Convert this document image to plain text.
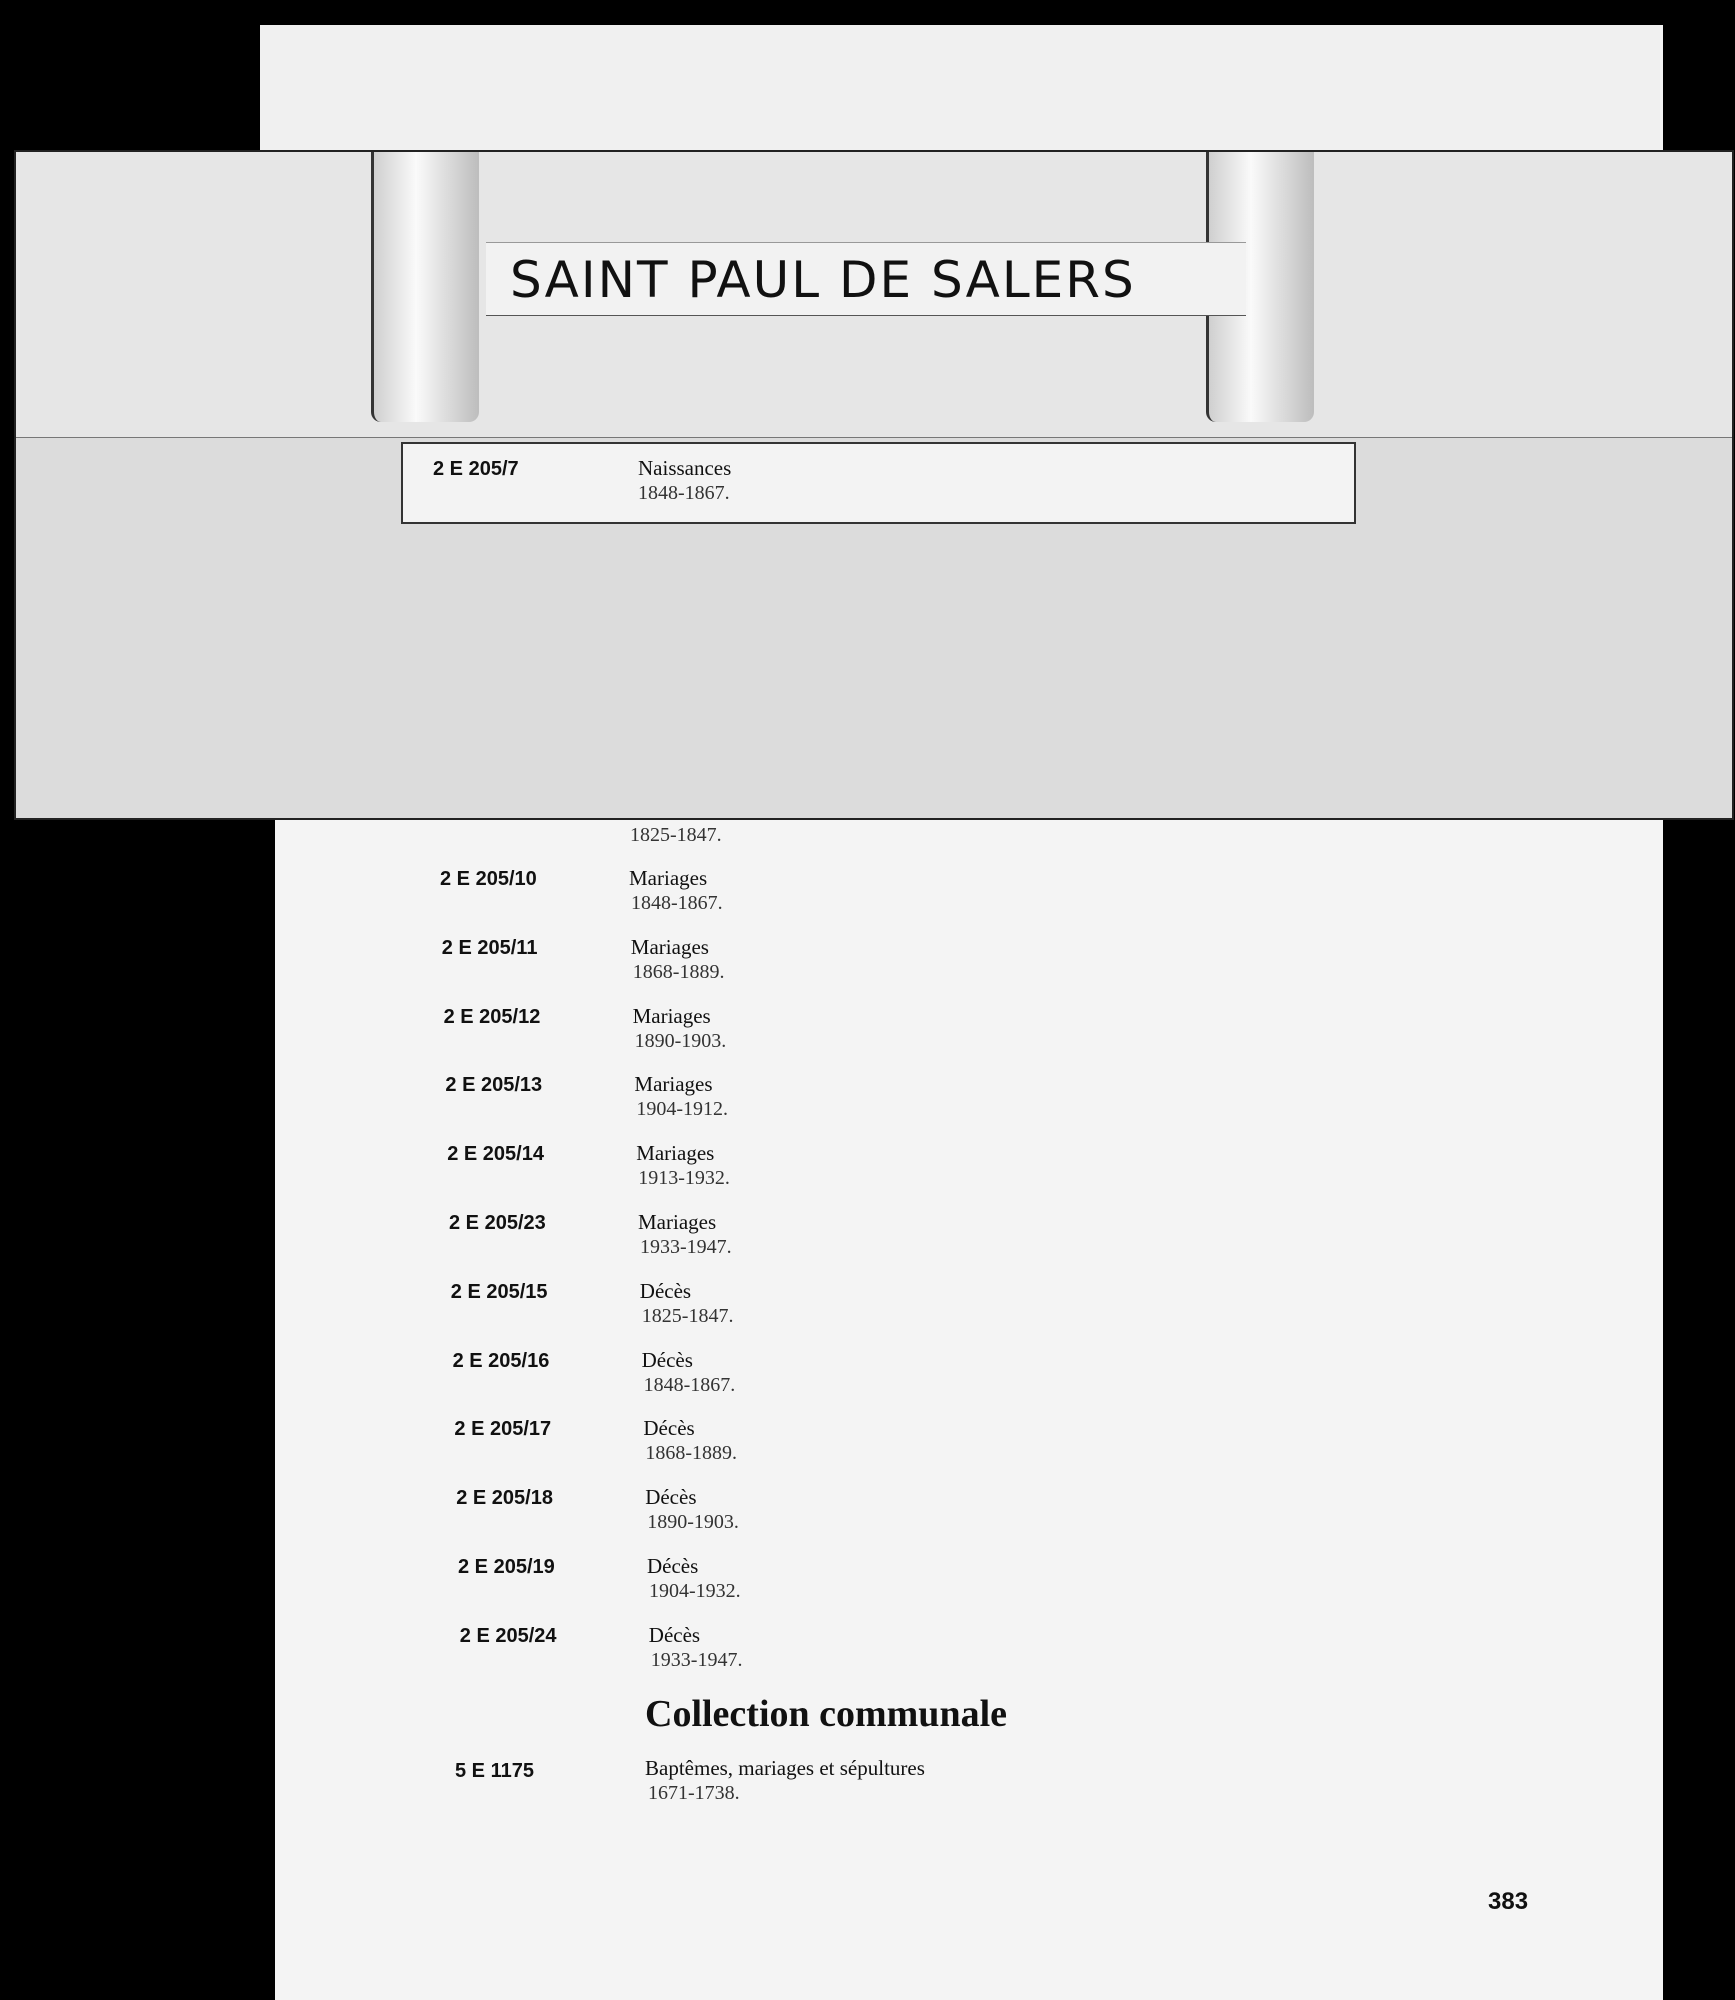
SAINT PAUL DE SALERS
2 E 205/7	Naissances
1848-1867.
1825-1847.
2 E 205/10	Mariages
1848-1867.
2 E 205/11	Mariages
1868-1889.
2 E 205/12	Mariages
1890-1903.
2 E 205/13	Mariages
1904-1912.
2 E 205/14	Mariages
1913-1932.
2 E 205/23	Mariages
1933-1947.
2 E 205/15	Décès
1825-1847.
2 E 205/16	Décès
1848-1867.
2 E 205/17	Décès
1868-1889.
2 E 205/18	Décès
1890-1903.
2 E 205/19	Décès
1904-1932.
2 E 205/24	Décès
1933-1947.
Collection communale
5 E 1175	Baptêmes, mariages et sépultures
1671-1738.
383
